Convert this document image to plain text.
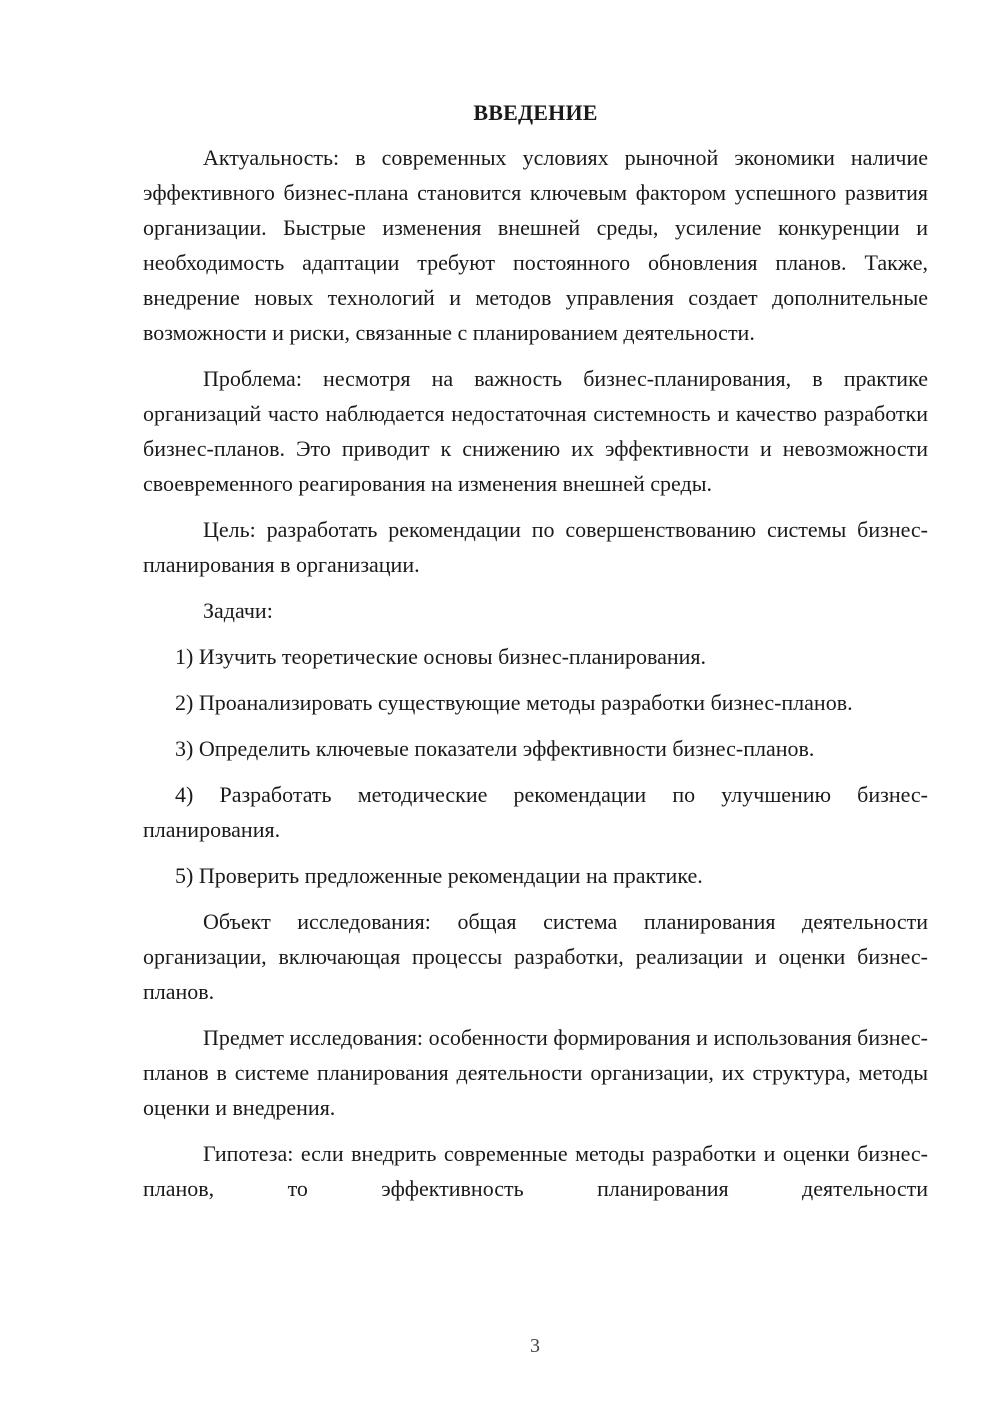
ВВЕДЕНИЕ

Актуальность: в современных условиях рыночной экономики наличие эффективного бизнес-плана становится ключевым фактором успешного развития организации. Быстрые изменения внешней среды, усиление конкуренции и необходимость адаптации требуют постоянного обновления планов. Также, внедрение новых технологий и методов управления создает дополнительные возможности и риски, связанные с планированием деятельности.

Проблема: несмотря на важность бизнес-планирования, в практике организаций часто наблюдается недостаточная системность и качество разработки бизнес-планов. Это приводит к снижению их эффективности и невозможности своевременного реагирования на изменения внешней среды.

Цель: разработать рекомендации по совершенствованию системы бизнес-планирования в организации.

Задачи:

1) Изучить теоретические основы бизнес-планирования.

2) Проанализировать существующие методы разработки бизнес-планов.

3) Определить ключевые показатели эффективности бизнес-планов.

4) Разработать методические рекомендации по улучшению бизнес-планирования.

5) Проверить предложенные рекомендации на практике.

Объект исследования: общая система планирования деятельности организации, включающая процессы разработки, реализации и оценки бизнес-планов.

Предмет исследования: особенности формирования и использования бизнес-планов в системе планирования деятельности организации, их структура, методы оценки и внедрения.

Гипотеза: если внедрить современные методы разработки и оценки бизнес-планов, то эффективность планирования деятельности

3
